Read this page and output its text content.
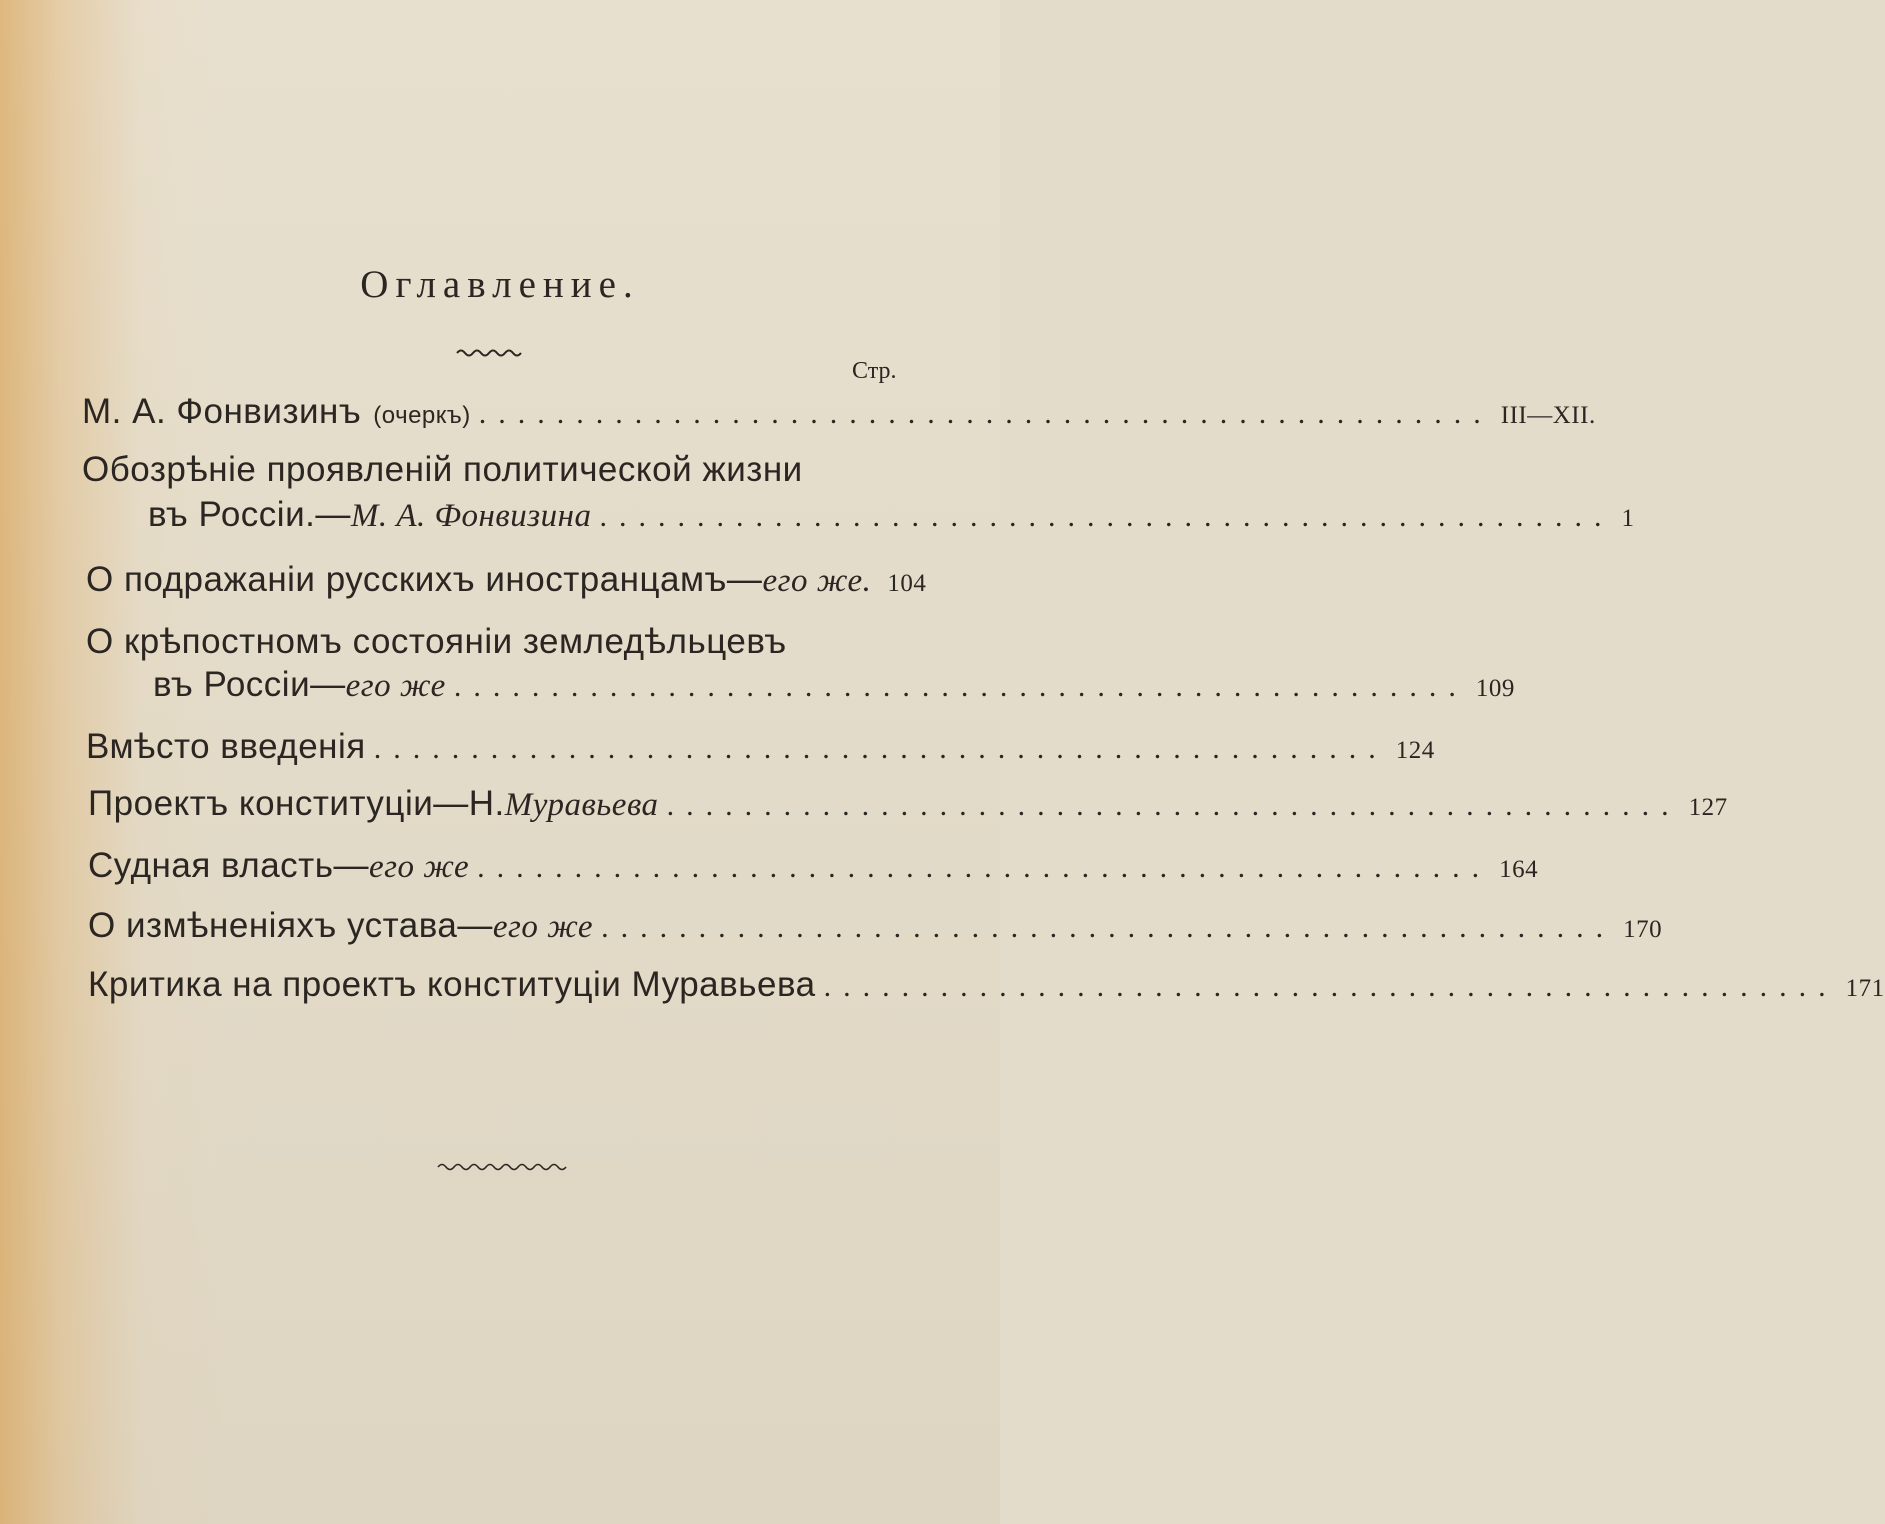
Оглавление.
Стр.
М. А. Фонвизинъ (очеркъ) .................................................... III—XII.
Обозрѣніе проявленій политической жизни
въ Россіи.— М. А. Фонвизина .................................................... 1
О подражаніи русскихъ иностранцамъ— его же. 104
О крѣпостномъ состояніи земледѣльцевъ
въ Россіи— его же .................................................... 109
Вмѣсто введенія .................................................... 124
Проектъ конституціи—Н. Муравьева .................................................... 127
Судная власть— его же .................................................... 164
О измѣненіяхъ устава— его же .................................................... 170
Критика на проектъ конституціи Муравьева .................................................... 171
